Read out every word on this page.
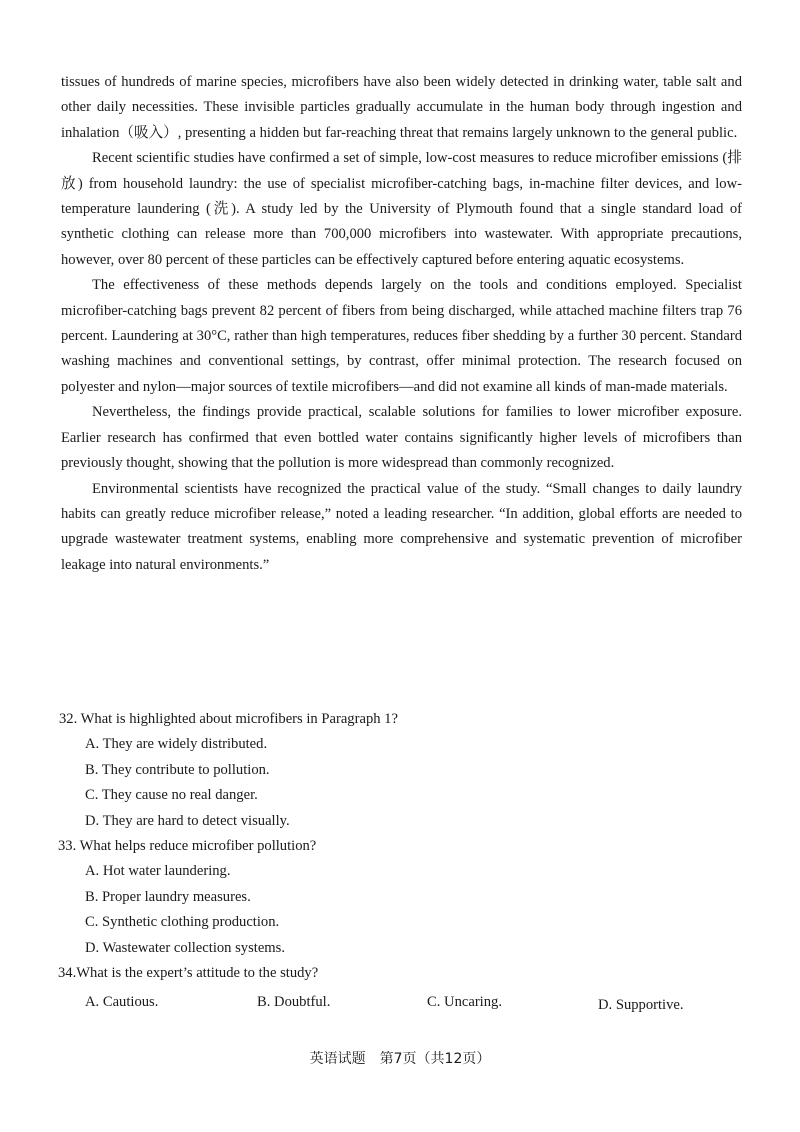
tissues of hundreds of marine species, microfibers have also been widely detected in drinking water, table salt and other daily necessities. These invisible particles gradually accumulate in the human body through ingestion and inhalation（吸入）, presenting a hidden but far-reaching threat that remains largely unknown to the general public.

Recent scientific studies have confirmed a set of simple, low-cost measures to reduce microfiber emissions (排放) from household laundry: the use of specialist microfiber-catching bags, in-machine filter devices, and low-temperature laundering (洗). A study led by the University of Plymouth found that a single standard load of synthetic clothing can release more than 700,000 microfibers into wastewater. With appropriate precautions, however, over 80 percent of these particles can be effectively captured before entering aquatic ecosystems.

The effectiveness of these methods depends largely on the tools and conditions employed. Specialist microfiber-catching bags prevent 82 percent of fibers from being discharged, while attached machine filters trap 76 percent. Laundering at 30°C, rather than high temperatures, reduces fiber shedding by a further 30 percent. Standard washing machines and conventional settings, by contrast, offer minimal protection. The research focused on polyester and nylon—major sources of textile microfibers—and did not examine all kinds of man-made materials.

Nevertheless, the findings provide practical, scalable solutions for families to lower microfiber exposure. Earlier research has confirmed that even bottled water contains significantly higher levels of microfibers than previously thought, showing that the pollution is more widespread than commonly recognized.

Environmental scientists have recognized the practical value of the study. “Small changes to daily laundry habits can greatly reduce microfiber release,” noted a leading researcher. “In addition, global efforts are needed to upgrade wastewater treatment systems, enabling more comprehensive and systematic prevention of microfiber leakage into natural environments.”

32. What is highlighted about microfibers in Paragraph 1?

A. They are widely distributed.

B. They contribute to pollution.

C. They cause no real danger.

D. They are hard to detect visually.

33. What helps reduce microfiber pollution?

A. Hot water laundering.

B. Proper laundry measures.

C. Synthetic clothing production.

D. Wastewater collection systems.

34.What is the expert’s attitude to the study?

A. Cautious.	B. Doubtful.	C. Uncaring.	D. Supportive.
英语试题　第7页（共12页）
